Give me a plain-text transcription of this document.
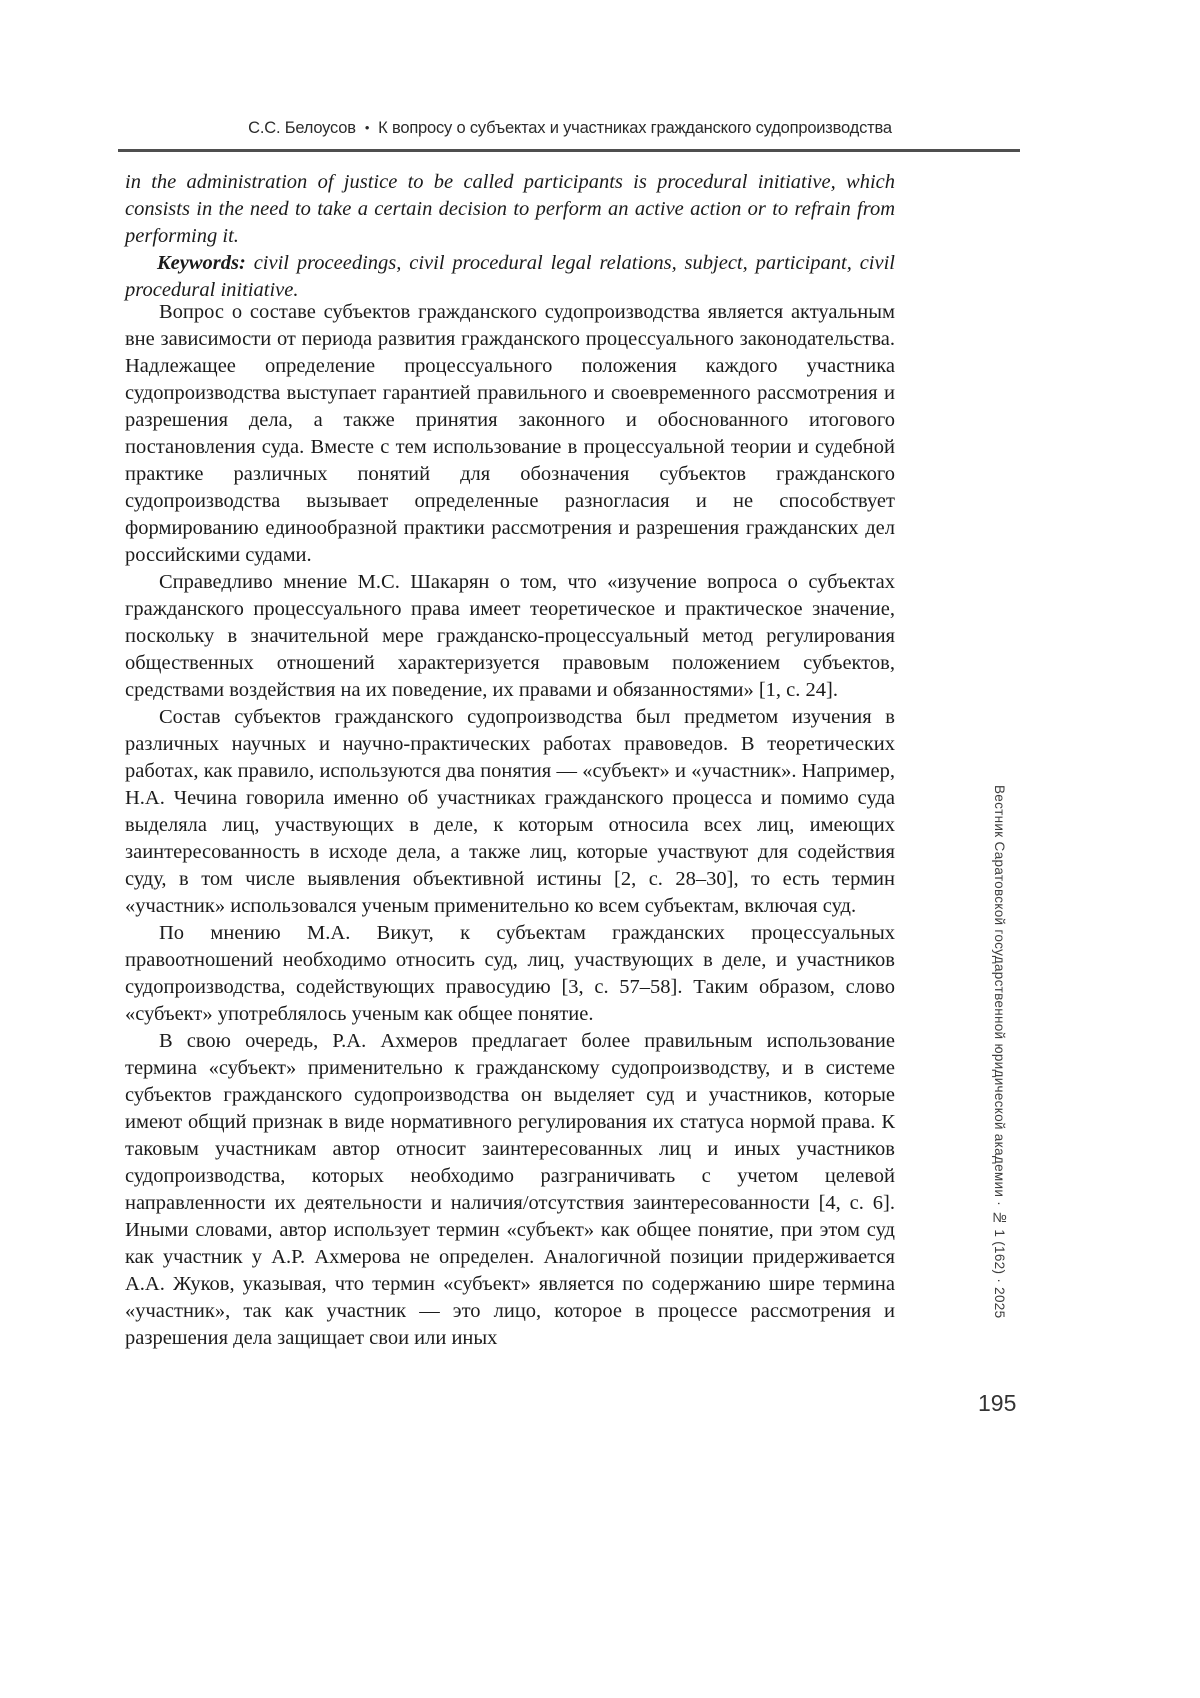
С.С. Белоусов • К вопросу о субъектах и участниках гражданского судопроизводства

in the administration of justice to be called participants is procedural initiative, which consists in the need to take a certain decision to perform an active action or to refrain from performing it.

Keywords: civil proceedings, civil procedural legal relations, subject, participant, civil procedural initiative.

Вопрос о составе субъектов гражданского судопроизводства является актуальным вне зависимости от периода развития гражданского процессуального законодательства. Надлежащее определение процессуального положения каждого участника судопроизводства выступает гарантией правильного и своевременного рассмотрения и разрешения дела, а также принятия законного и обоснованного итогового постановления суда. Вместе с тем использование в процессуальной теории и судебной практике различных понятий для обозначения субъектов гражданского судопроизводства вызывает определенные разногласия и не способствует формированию единообразной практики рассмотрения и разрешения гражданских дел российскими судами.

Справедливо мнение М.С. Шакарян о том, что «изучение вопроса о субъектах гражданского процессуального права имеет теоретическое и практическое значение, поскольку в значительной мере гражданско-процессуальный метод регулирования общественных отношений характеризуется правовым положением субъектов, средствами воздействия на их поведение, их правами и обязанностями» [1, с. 24].

Состав субъектов гражданского судопроизводства был предметом изучения в различных научных и научно-практических работах правоведов. В теоретических работах, как правило, используются два понятия — «субъект» и «участник». Например, Н.А. Чечина говорила именно об участниках гражданского процесса и помимо суда выделяла лиц, участвующих в деле, к которым относила всех лиц, имеющих заинтересованность в исходе дела, а также лиц, которые участвуют для содействия суду, в том числе выявления объективной истины [2, с. 28–30], то есть термин «участник» использовался ученым применительно ко всем субъектам, включая суд.

По мнению М.А. Викут, к субъектам гражданских процессуальных правоотношений необходимо относить суд, лиц, участвующих в деле, и участников судопроизводства, содействующих правосудию [3, с. 57–58]. Таким образом, слово «субъект» употреблялось ученым как общее понятие.

В свою очередь, Р.А. Ахмеров предлагает более правильным использование термина «субъект» применительно к гражданскому судопроизводству, и в системе субъектов гражданского судопроизводства он выделяет суд и участников, которые имеют общий признак в виде нормативного регулирования их статуса нормой права. К таковым участникам автор относит заинтересованных лиц и иных участников судопроизводства, которых необходимо разграничивать с учетом целевой направленности их деятельности и наличия/отсутствия заинтересованности [4, с. 6]. Иными словами, автор использует термин «субъект» как общее понятие, при этом суд как участник у А.Р. Ахмерова не определен. Аналогичной позиции придерживается А.А. Жуков, указывая, что термин «субъект» является по содержанию шире термина «участник», так как участник — это лицо, которое в процессе рассмотрения и разрешения дела защищает свои или иных

Вестник Саратовской государственной юридической академии · № 1 (162) · 2025
195
